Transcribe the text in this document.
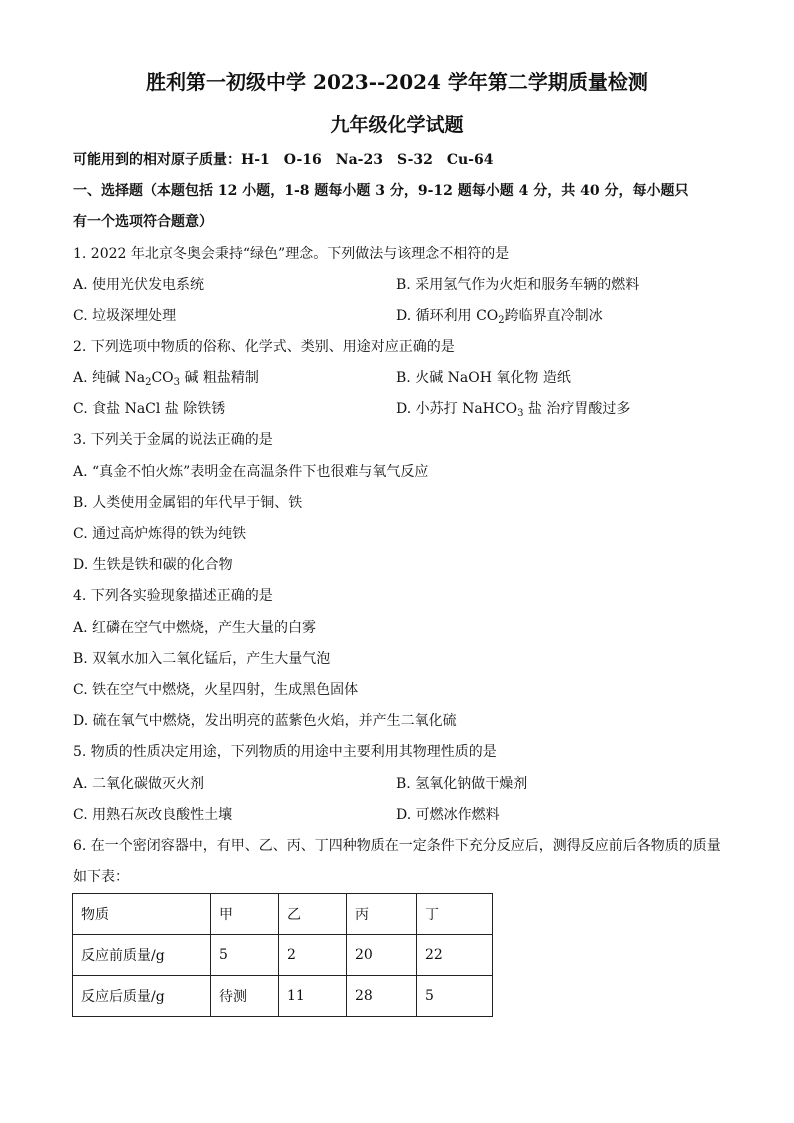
胜利第一初级中学 2023--2024 学年第二学期质量检测
九年级化学试题
可能用到的相对原子质量：H-1　O-16　Na-23　S-32　Cu-64
一、选择题（本题包括 12 小题，1-8 题每小题 3 分，9-12 题每小题 4 分，共 40 分，每小题只
有一个选项符合题意）
1. 2022 年北京冬奥会秉持“绿色”理念。下列做法与该理念不相符的是
A. 使用光伏发电系统	B. 采用氢气作为火炬和服务车辆的燃料
C. 垃圾深埋处理	D. 循环利用 $CO_2$跨临界直冷制冰
2. 下列选项中物质的俗称、化学式、类别、用途对应正确的是
A. 纯碱 $Na_2CO_3$ 碱 粗盐精制	B. 火碱 NaOH 氧化物 造纸
C. 食盐 NaCl 盐 除铁锈	D. 小苏打 NaHCO$_3$ 盐 治疗胃酸过多
3. 下列关于金属的说法正确的是
A. “真金不怕火炼”表明金在高温条件下也很难与氧气反应
B. 人类使用金属铝的年代早于铜、铁
C. 通过高炉炼得的铁为纯铁
D. 生铁是铁和碳的化合物
4. 下列各实验现象描述正确的是
A. 红磷在空气中燃烧，产生大量的白雾
B. 双氧水加入二氧化锰后，产生大量气泡
C. 铁在空气中燃烧，火星四射，生成黑色固体
D. 硫在氧气中燃烧，发出明亮的蓝紫色火焰，并产生二氧化硫
5. 物质的性质决定用途，下列物质的用途中主要利用其物理性质的是
A. 二氧化碳做灭火剂	B. 氢氧化钠做干燥剂
C. 用熟石灰改良酸性土壤	D. 可燃冰作燃料
6. 在一个密闭容器中，有甲、乙、丙、丁四种物质在一定条件下充分反应后，测得反应前后各物质的质量
如下表：
物质	甲	乙	丙	丁
反应前质量/g	5	2	20	22
反应后质量/g	待测	11	28	5
